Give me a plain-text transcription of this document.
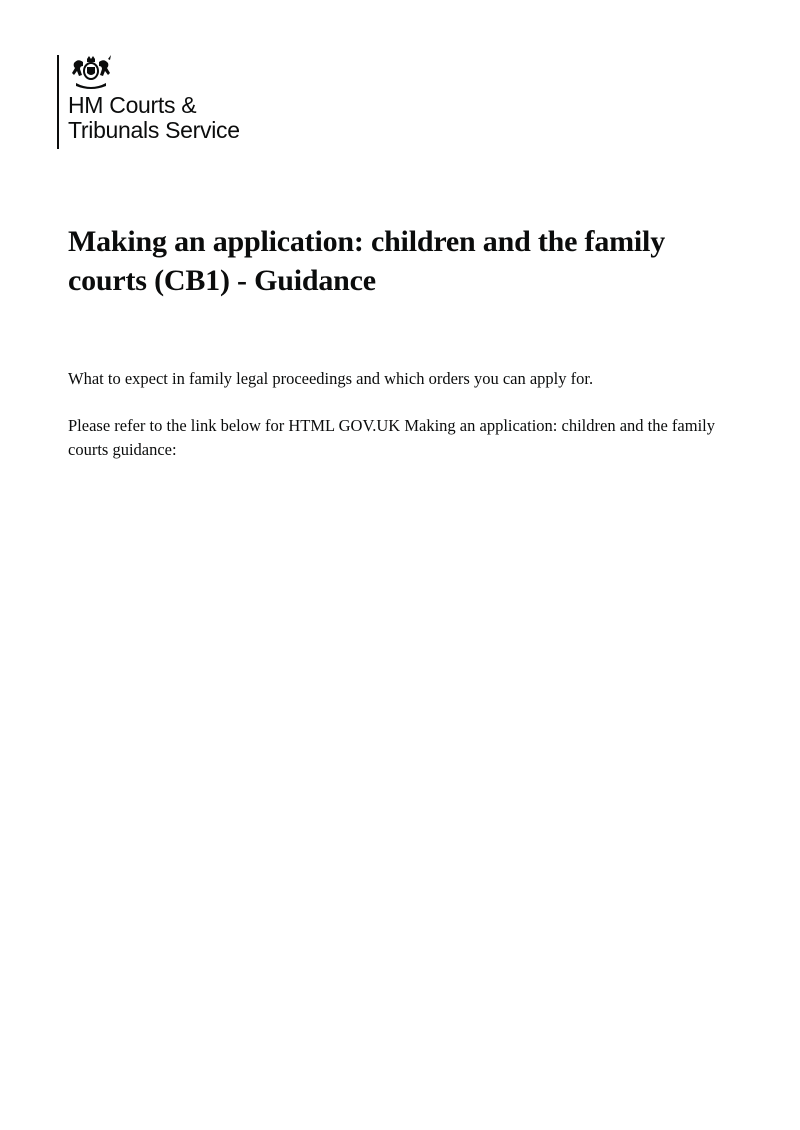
HM Courts &
Tribunals Service
Making an application: children and the family courts (CB1) - Guidance

What to expect in family legal proceedings and which orders you can apply for.

Please refer to the link below for HTML GOV.UK Making an application: children and the family courts guidance:
